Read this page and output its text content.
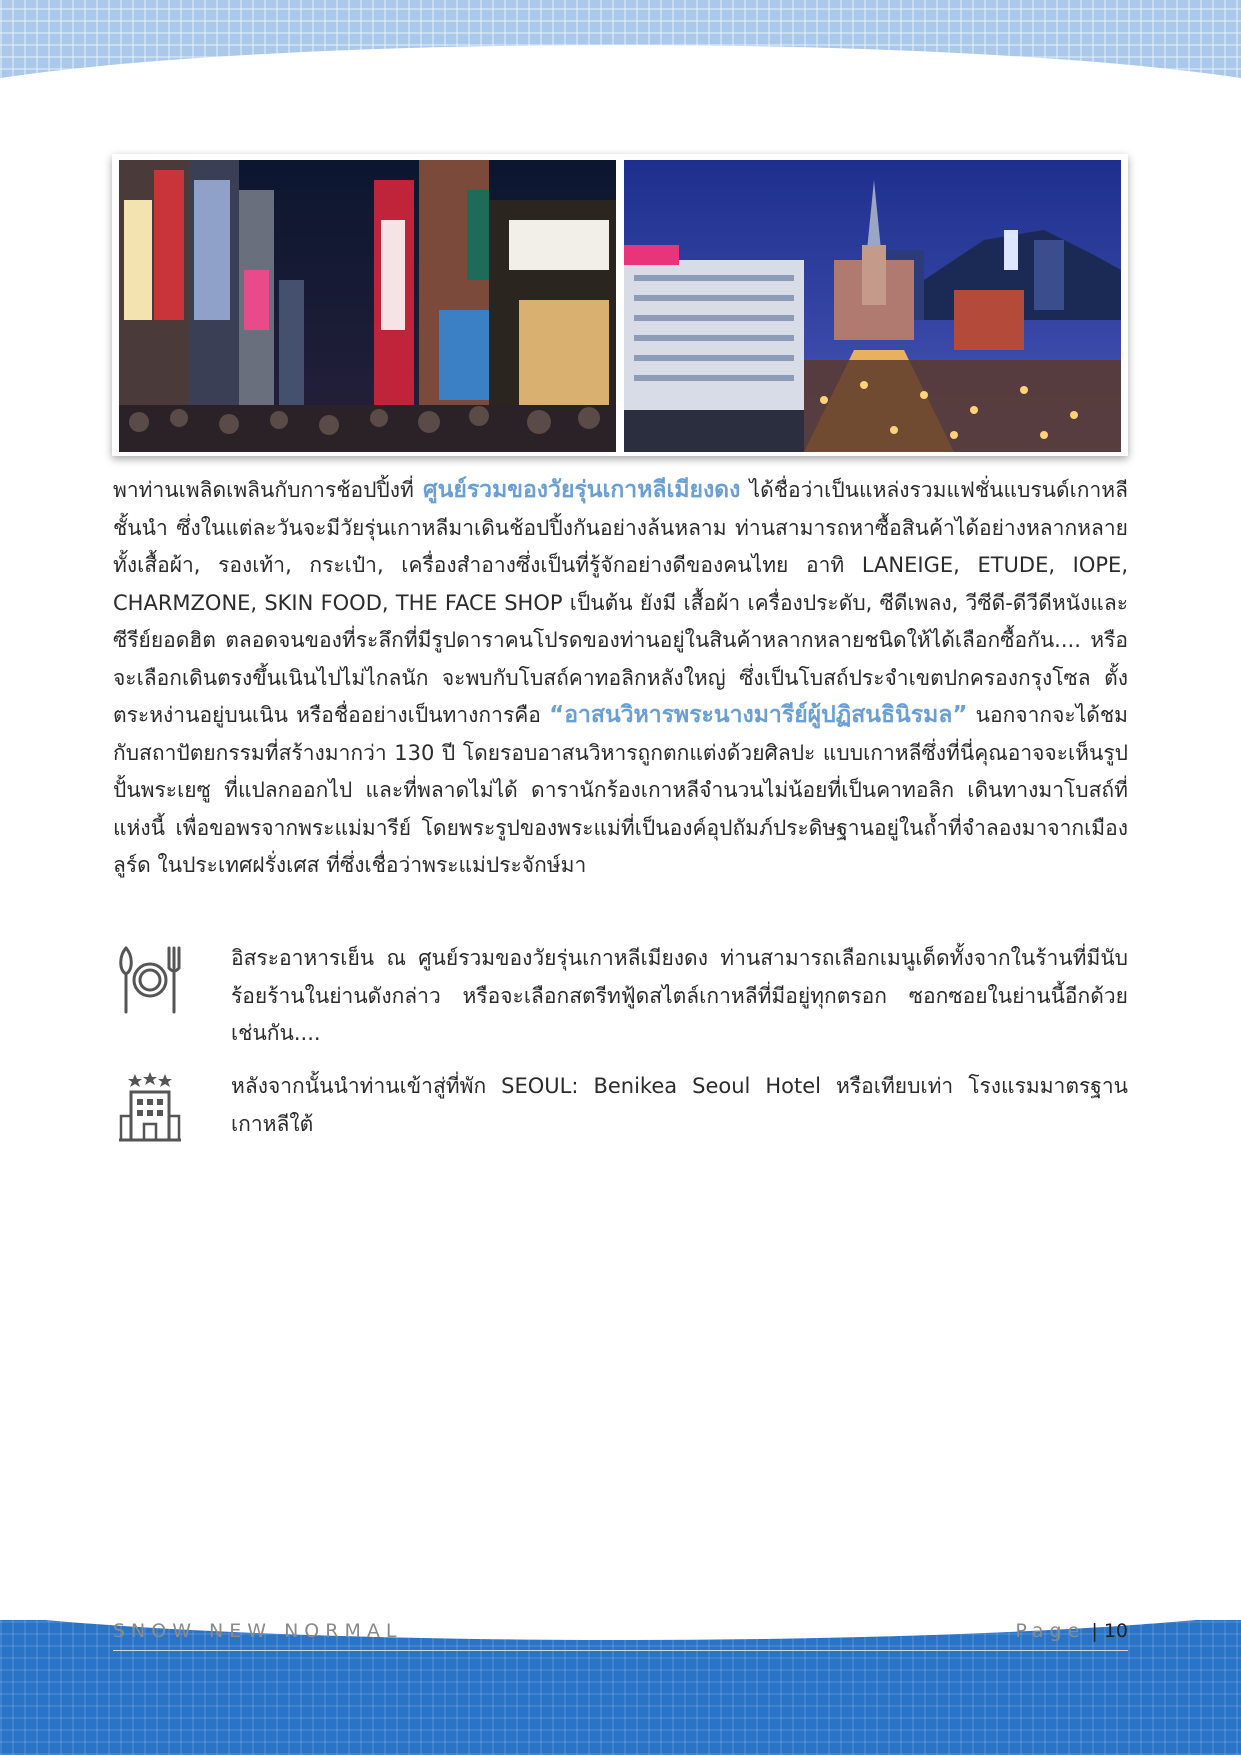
พาท่านเพลิดเพลินกับการช้อปปิ้งที่ ศูนย์รวมของวัยรุ่นเกาหลีเมียงดง ได้ชื่อว่าเป็นแหล่งรวมแฟชั่นแบรนด์เกาหลีชั้นนำ ซึ่งในแต่ละวันจะมีวัยรุ่นเกาหลีมาเดินช้อปปิ้งกันอย่างล้นหลาม ท่านสามารถหาซื้อสินค้าได้อย่างหลากหลายทั้งเสื้อผ้า, รองเท้า, กระเป๋า, เครื่องสำอางซึ่งเป็นที่รู้จักอย่างดีของคนไทย อาทิ LANEIGE, ETUDE, IOPE, CHARMZONE, SKIN FOOD, THE FACE SHOP เป็นต้น ยังมี เสื้อผ้า เครื่องประดับ, ซีดีเพลง, วีซีดี-ดีวีดีหนังและซีรีย์ยอดฮิต ตลอดจนของที่ระลึกที่มีรูปดาราคนโปรดของท่านอยู่ในสินค้าหลากหลายชนิดให้ได้เลือกซื้อกัน.... หรือจะเลือกเดินตรงขึ้นเนินไปไม่ไกลนัก จะพบกับโบสถ์คาทอลิกหลังใหญ่ ซึ่งเป็นโบสถ์ประจำเขตปกครองกรุงโซล ตั้งตระหง่านอยู่บนเนิน หรือชื่ออย่างเป็นทางการคือ “อาสนวิหารพระนางมารีย์ผู้ปฏิสนธินิรมล” นอกจากจะได้ชมกับสถาปัตยกรรมที่สร้างมากว่า 130 ปี โดยรอบอาสนวิหารถูกตกแต่งด้วยศิลปะ แบบเกาหลีซึ่งที่นี่คุณอาจจะเห็นรูปปั้นพระเยซู ที่แปลกออกไป และที่พลาดไม่ได้ ดารานักร้องเกาหลีจำนวนไม่น้อยที่เป็นคาทอลิก เดินทางมาโบสถ์ที่แห่งนี้ เพื่อขอพรจากพระแม่มารีย์ โดยพระรูปของพระแม่ที่เป็นองค์อุปถัมภ์ประดิษฐานอยู่ในถ้ำที่จำลองมาจากเมืองลูร์ด ในประเทศฝรั่งเศส ที่ซึ่งเชื่อว่าพระแม่ประจักษ์มา

อิสระอาหารเย็น ณ ศูนย์รวมของวัยรุ่นเกาหลีเมียงดง ท่านสามารถเลือกเมนูเด็ดทั้งจากในร้านที่มีนับร้อยร้านในย่านดังกล่าว หรือจะเลือกสตรีทฟู้ดสไตล์เกาหลีที่มีอยู่ทุกตรอก ซอกซอยในย่านนี้อีกด้วยเช่นกัน....

หลังจากนั้นนำท่านเข้าสู่ที่พัก SEOUL: Benikea Seoul Hotel หรือเทียบเท่า โรงแรมมาตรฐานเกาหลีใต้

SNOW NEW NORMAL	Page | 10
